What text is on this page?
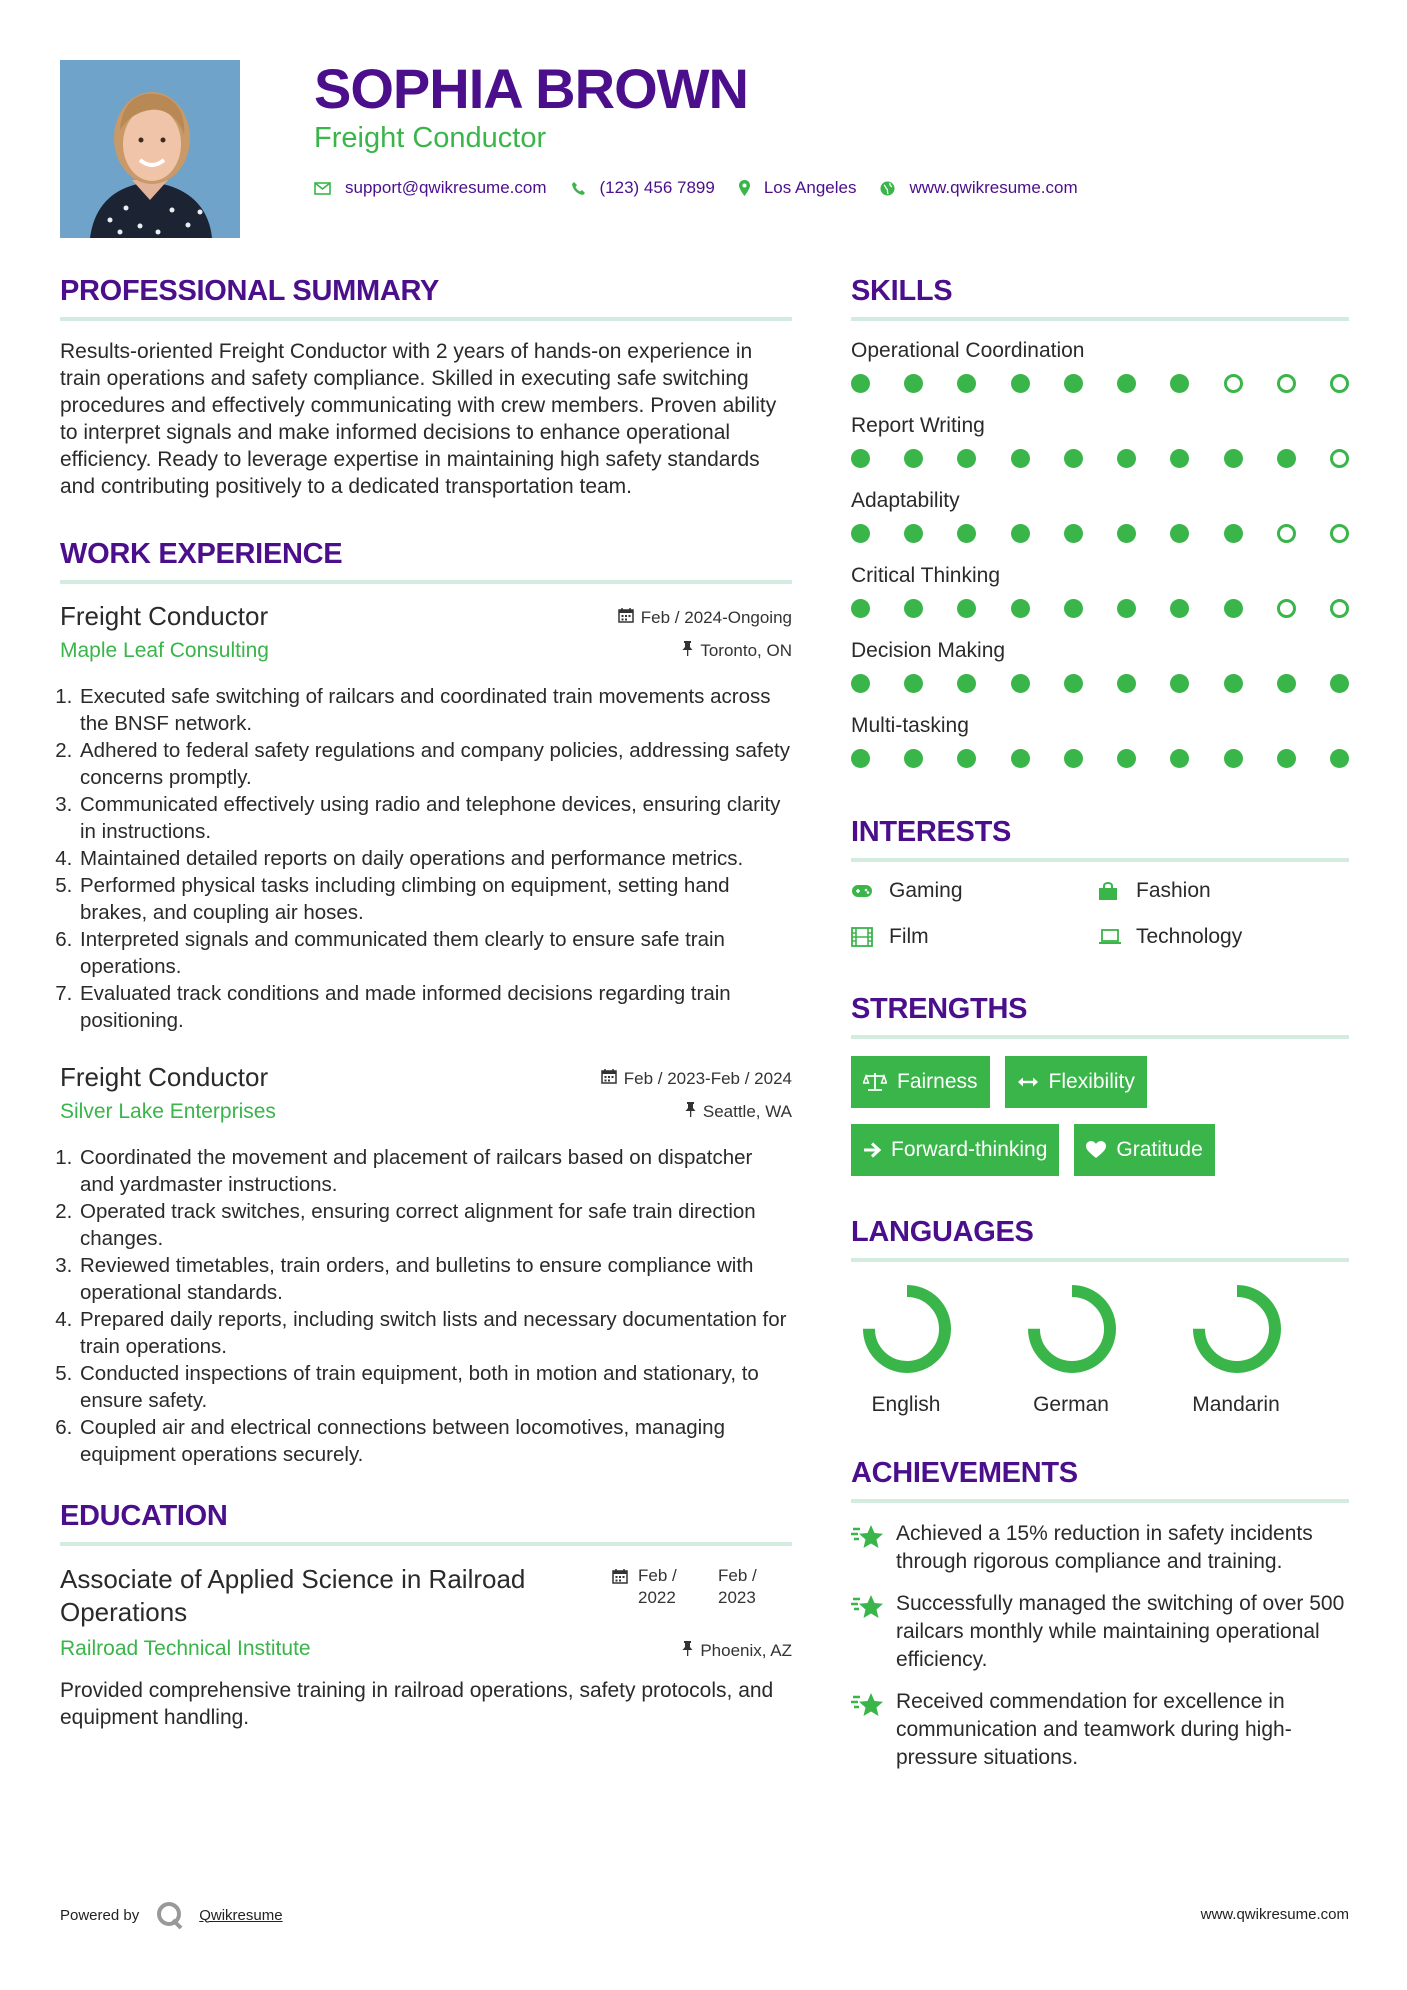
SOPHIA BROWN
Freight Conductor
support@qwikresume.com	(123) 456 7899	Los Angeles	www.qwikresume.com
PROFESSIONAL SUMMARY

Results-oriented Freight Conductor with 2 years of hands-on experience in train operations and safety compliance. Skilled in executing safe switching procedures and effectively communicating with crew members. Proven ability to interpret signals and make informed decisions to enhance operational efficiency. Ready to leverage expertise in maintaining high safety standards and contributing positively to a dedicated transportation team.

WORK EXPERIENCE
Freight Conductor
Maple Leaf Consulting
Feb / 2024-Ongoing
Toronto, ON
1. Executed safe switching of railcars and coordinated train movements across the BNSF network.
2. Adhered to federal safety regulations and company policies, addressing safety concerns promptly.
3. Communicated effectively using radio and telephone devices, ensuring clarity in instructions.
4. Maintained detailed reports on daily operations and performance metrics.
5. Performed physical tasks including climbing on equipment, setting hand brakes, and coupling air hoses.
6. Interpreted signals and communicated them clearly to ensure safe train operations.
7. Evaluated track conditions and made informed decisions regarding train positioning.
Freight Conductor
Silver Lake Enterprises
Feb / 2023-Feb / 2024
Seattle, WA
1. Coordinated the movement and placement of railcars based on dispatcher and yardmaster instructions.
2. Operated track switches, ensuring correct alignment for safe train direction changes.
3. Reviewed timetables, train orders, and bulletins to ensure compliance with operational standards.
4. Prepared daily reports, including switch lists and necessary documentation for train operations.
5. Conducted inspections of train equipment, both in motion and stationary, to ensure safety.
6. Coupled air and electrical connections between locomotives, managing equipment operations securely.
EDUCATION
Associate of Applied Science in Railroad Operations
Railroad Technical Institute
Feb / 2022
Feb / 2023
Phoenix, AZ

Provided comprehensive training in railroad operations, safety protocols, and equipment handling.

SKILLS
Operational Coordination
Report Writing
Adaptability
Critical Thinking
Decision Making
Multi-tasking
INTERESTS
Gaming	Fashion
Film	Technology
STRENGTHS
Fairness	Flexibility
Forward-thinking	Gratitude
LANGUAGES
English	German	Mandarin
ACHIEVEMENTS
Achieved a 15% reduction in safety incidents through rigorous compliance and training.
Successfully managed the switching of over 500 railcars monthly while maintaining operational efficiency.
Received commendation for excellence in communication and teamwork during high-pressure situations.
Powered by	Qwikresume	www.qwikresume.com
